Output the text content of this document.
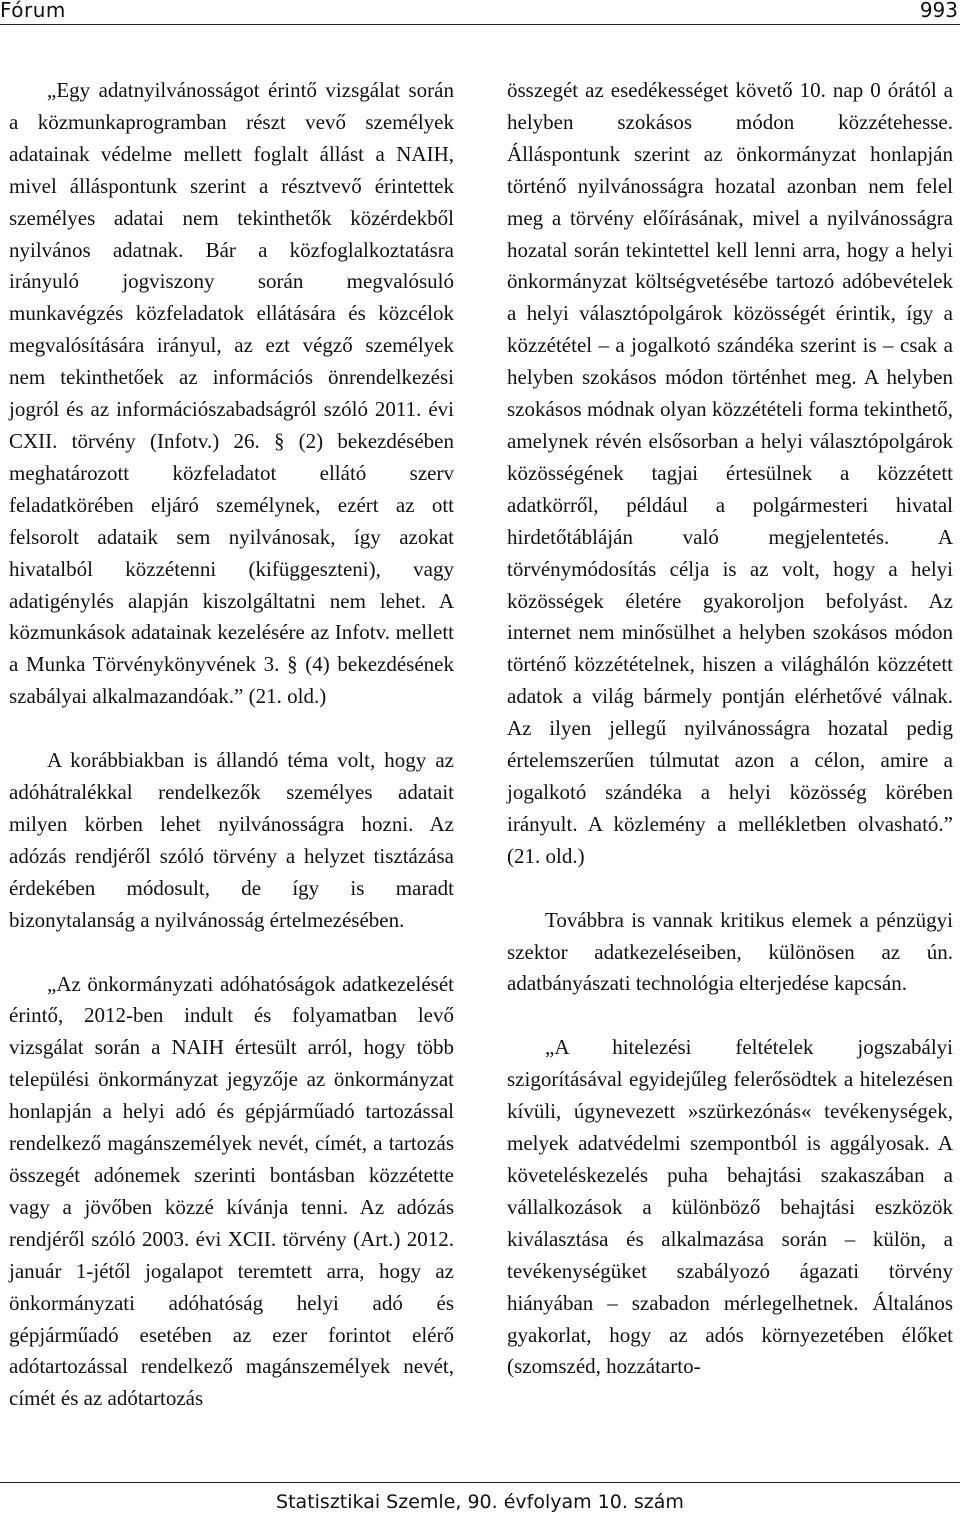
Fórum	993

„Egy adatnyilvánosságot érintő vizsgálat során a közmunkaprogramban részt vevő személyek adatainak védelme mellett foglalt állást a NAIH, mivel álláspontunk szerint a résztvevő érintettek személyes adatai nem tekinthetők közérdekből nyilvános adatnak. Bár a közfoglalkoztatásra irányuló jogviszony során megvalósuló munkavégzés közfeladatok ellátására és közcélok megvalósítására irányul, az ezt végző személyek nem tekinthetőek az információs önrendelkezési jogról és az információszabadságról szóló 2011. évi CXII. törvény (Infotv.) 26. § (2) bekezdésében meghatározott közfeladatot ellátó szerv feladatkörében eljáró személynek, ezért az ott felsorolt adataik sem nyilvánosak, így azokat hivatalból közzétenni (kifüggeszteni), vagy adatigénylés alapján kiszolgáltatni nem lehet. A közmunkások adatainak kezelésére az Infotv. mellett a Munka Törvénykönyvének 3. § (4) bekezdésének szabályai alkalmazandóak.” (21. old.)

A korábbiakban is állandó téma volt, hogy az adóhátralékkal rendelkezők személyes adatait milyen körben lehet nyilvánosságra hozni. Az adózás rendjéről szóló törvény a helyzet tisztázása érdekében módosult, de így is maradt bizonytalanság a nyilvánosság értelmezésében.

„Az önkormányzati adóhatóságok adatkezelését érintő, 2012-ben indult és folyamatban levő vizsgálat során a NAIH értesült arról, hogy több települési önkormányzat jegyzője az önkormányzat honlapján a helyi adó és gépjárműadó tartozással rendelkező magánszemélyek nevét, címét, a tartozás összegét adónemek szerinti bontásban közzétette vagy a jövőben közzé kívánja tenni. Az adózás rendjéről szóló 2003. évi XCII. törvény (Art.) 2012. január 1-jétől jogalapot teremtett arra, hogy az önkormányzati adóhatóság helyi adó és gépjárműadó esetében az ezer forintot elérő adótartozással rendelkező magánszemélyek nevét, címét és az adótartozás

összegét az esedékességet követő 10. nap 0 órától a helyben szokásos módon közzétehesse. Álláspontunk szerint az önkormányzat honlapján történő nyilvánosságra hozatal azonban nem felel meg a törvény előírásának, mivel a nyilvánosságra hozatal során tekintettel kell lenni arra, hogy a helyi önkormányzat költségvetésébe tartozó adóbevételek a helyi választópolgárok közösségét érintik, így a közzététel – a jogalkotó szándéka szerint is – csak a helyben szokásos módon történhet meg. A helyben szokásos módnak olyan közzétételi forma tekinthető, amelynek révén elsősorban a helyi választópolgárok közösségének tagjai értesülnek a közzétett adatkörről, például a polgármesteri hivatal hirdetőtábláján való megjelentetés. A törvénymódosítás célja is az volt, hogy a helyi közösségek életére gyakoroljon befolyást. Az internet nem minősülhet a helyben szokásos módon történő közzétételnek, hiszen a világhálón közzétett adatok a világ bármely pontján elérhetővé válnak. Az ilyen jellegű nyilvánosságra hozatal pedig értelemszerűen túlmutat azon a célon, amire a jogalkotó szándéka a helyi közösség körében irányult. A közlemény a mellékletben olvasható.” (21. old.)

Továbbra is vannak kritikus elemek a pénzügyi szektor adatkezeléseiben, különösen az ún. adatbányászati technológia elterjedése kapcsán.

„A hitelezési feltételek jogszabályi szigorításával egyidejűleg felerősödtek a hitelezésen kívüli, úgynevezett »szürkezónás« tevékenységek, melyek adatvédelmi szempontból is aggályosak. A követeléskezelés puha behajtási szakaszában a vállalkozások a különböző behajtási eszközök kiválasztása és alkalmazása során – külön, a tevékenységüket szabályozó ágazati törvény hiányában – szabadon mérlegelhetnek. Általános gyakorlat, hogy az adós környezetében élőket (szomszéd, hozzátarto-

Statisztikai Szemle, 90. évfolyam 10. szám
